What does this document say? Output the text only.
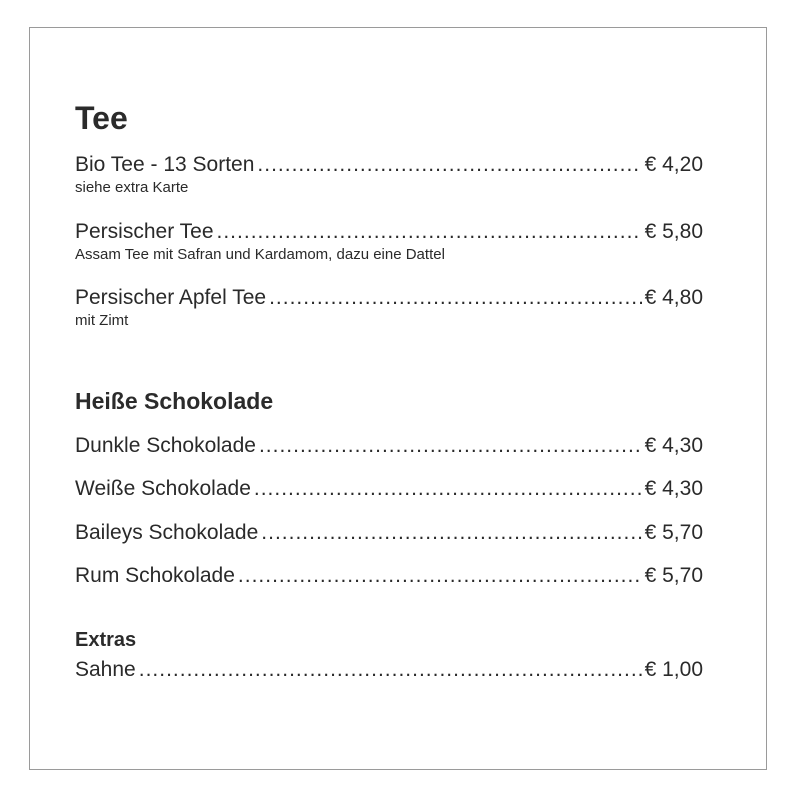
Tee
Bio Tee - 13 Sorten .....	€ 4,20
siehe extra Karte
Persischer Tee .....	€ 5,80
Assam Tee mit Safran und Kardamom, dazu eine Dattel
Persischer Apfel Tee .....	€ 4,80
mit Zimt
Heiße Schokolade
Dunkle Schokolade .....	€ 4,30
Weiße Schokolade .....	€ 4,30
Baileys Schokolade .....	€ 5,70
Rum Schokolade .....	€ 5,70
Extras
Sahne .....	€ 1,00
